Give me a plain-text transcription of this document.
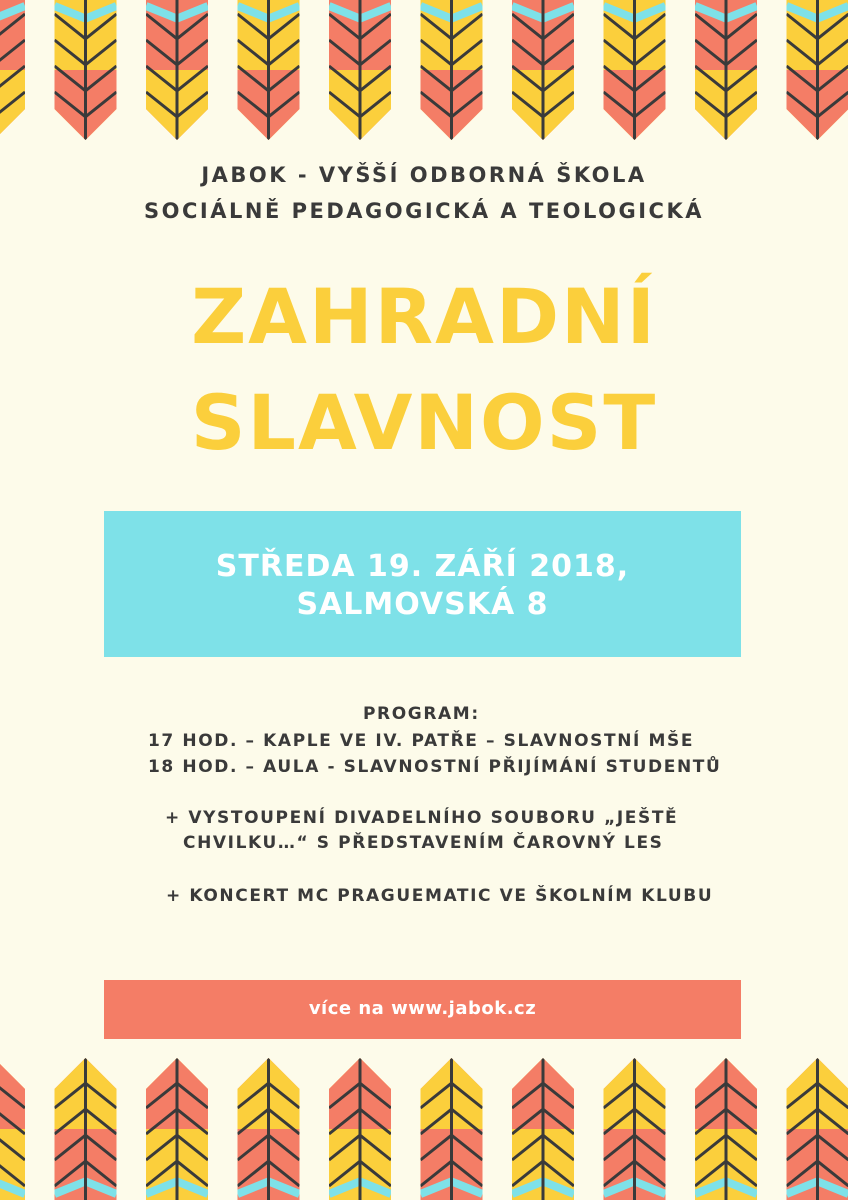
JABOK - VYŠŠÍ ODBORNÁ ŠKOLA
SOCIÁLNĚ PEDAGOGICKÁ A TEOLOGICKÁ
ZAHRADNÍ
SLAVNOST
STŘEDA 19. ZÁŘÍ 2018,
SALMOVSKÁ 8
PROGRAM:
17 HOD. – KAPLE VE IV. PATŘE – SLAVNOSTNÍ MŠE
18 HOD. – AULA - SLAVNOSTNÍ PŘIJÍMÁNÍ STUDENTŮ
+ VYSTOUPENÍ DIVADELNÍHO SOUBORU „JEŠTĚ
CHVILKU…“ S PŘEDSTAVENÍM ČAROVNÝ LES
+ KONCERT MC PRAGUEMATIC VE ŠKOLNÍM KLUBU
více na www.jabok.cz
